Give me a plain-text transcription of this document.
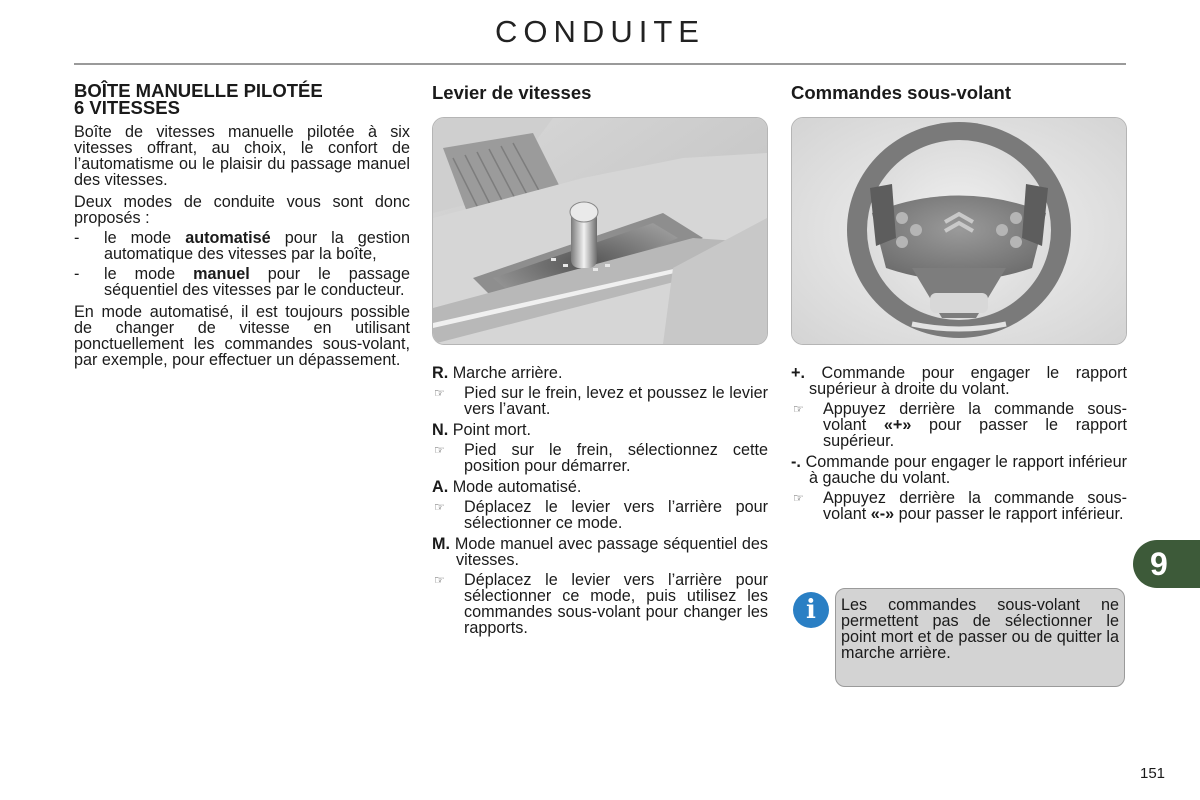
CONDUITE
BOÎTE MANUELLE PILOTÉE
6 VITESSES

Boîte de vitesses manuelle pilotée à six vitesses offrant, au choix, le confort de l’automatisme ou le plaisir du passage manuel des vitesses.

Deux modes de conduite vous sont donc proposés :

-	le mode automatisé pour la gestion automatique des vitesses par la boîte,
-	le mode manuel pour le passage séquentiel des vitesses par le conducteur.

En mode automatisé, il est toujours possible de changer de vitesse en utilisant ponctuellement les commandes sous-volant, par exemple, pour effectuer un dépassement.

Levier de vitesses
R. Marche arrière.
☞	Pied sur le frein, levez et poussez le levier vers l’avant.
N. Point mort.
☞	Pied sur le frein, sélectionnez cette position pour démarrer.
A. Mode automatisé.
☞	Déplacez le levier vers l’arrière pour sélectionner ce mode.
M. Mode manuel avec passage séquentiel des vitesses.
☞	Déplacez le levier vers l’arrière pour sélectionner ce mode, puis utilisez les commandes sous-volant pour changer les rapports.
Commandes sous-volant
+. Commande pour engager le rapport supérieur à droite du volant.
☞	Appuyez derrière la commande sous-volant «+» pour passer le rapport supérieur.
-. Commande pour engager le rapport inférieur à gauche du volant.
☞	Appuyez derrière la commande sous-volant «-» pour passer le rapport inférieur.
i	Les commandes sous-volant ne permettent pas de sélectionner le point mort et de passer ou de quitter la marche arrière.
9
151
